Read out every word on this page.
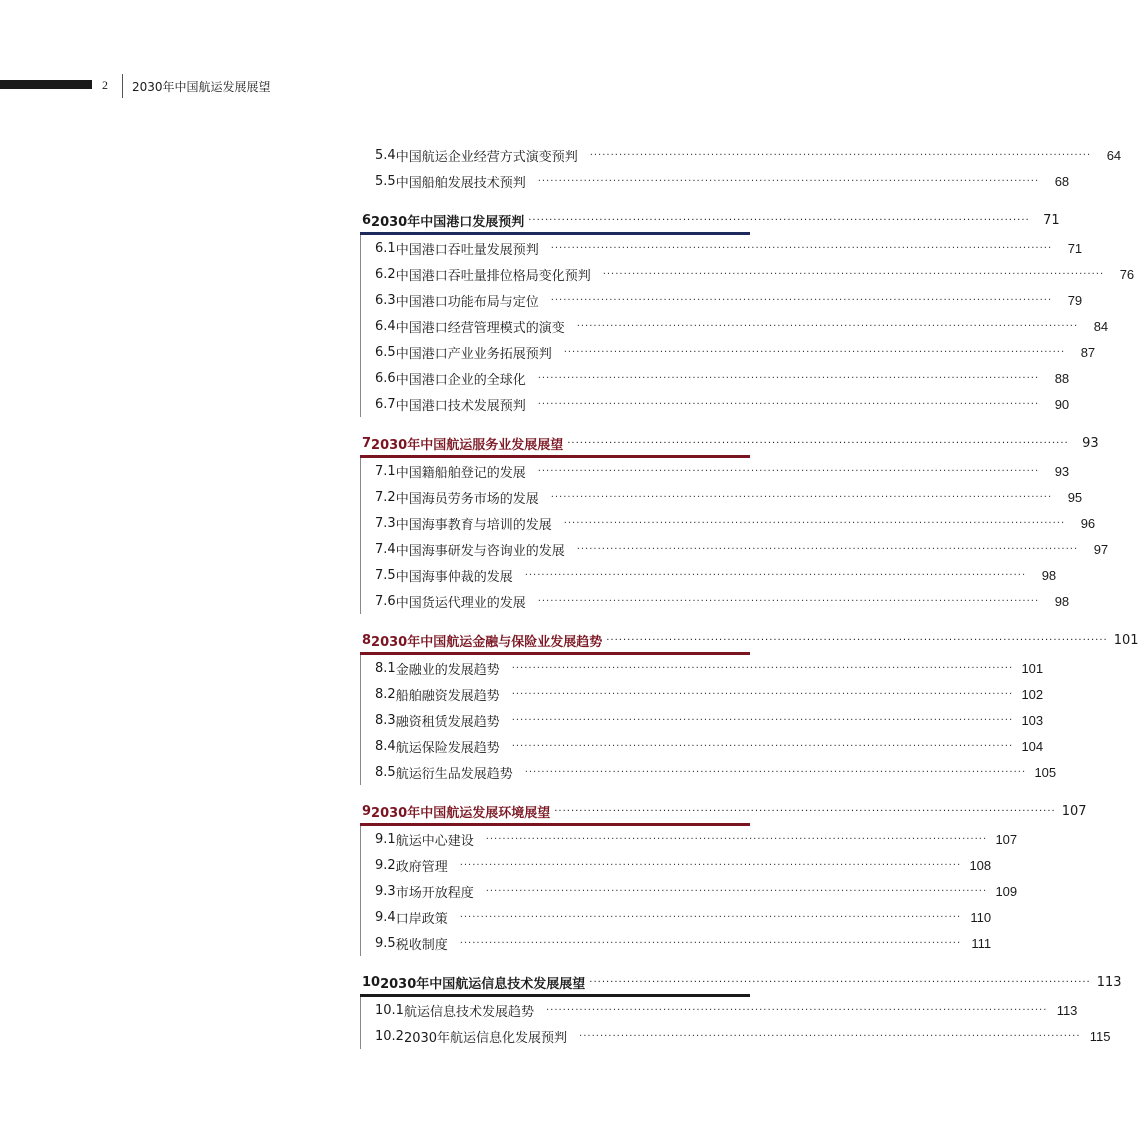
2 2030年中国航运发展展望
5.4 中国航运企业经营方式演变预判 ························································································································	64
5.5 中国船舶发展技术预判 ························································································································	68
6 2030年中国港口发展预判 ························································································································	71
6.1 中国港口吞吐量发展预判 ························································································································	71
6.2 中国港口吞吐量排位格局变化预判 ························································································································	76
6.3 中国港口功能布局与定位 ························································································································	79
6.4 中国港口经营管理模式的演变 ························································································································	84
6.5 中国港口产业业务拓展预判 ························································································································	87
6.6 中国港口企业的全球化 ························································································································	88
6.7 中国港口技术发展预判 ························································································································	90
7 2030年中国航运服务业发展展望 ························································································································	93
7.1 中国籍船舶登记的发展 ························································································································	93
7.2 中国海员劳务市场的发展 ························································································································	95
7.3 中国海事教育与培训的发展 ························································································································	96
7.4 中国海事研发与咨询业的发展 ························································································································	97
7.5 中国海事仲裁的发展 ························································································································	98
7.6 中国货运代理业的发展 ························································································································	98
8 2030年中国航运金融与保险业发展趋势 ························································································································ 101
8.1 金融业的发展趋势 ························································································································ 101
8.2 船舶融资发展趋势 ························································································································ 102
8.3 融资租赁发展趋势 ························································································································ 103
8.4 航运保险发展趋势 ························································································································ 104
8.5 航运衍生品发展趋势 ························································································································ 105
9 2030年中国航运发展环境展望 ························································································································ 107
9.1 航运中心建设 ························································································································ 107
9.2 政府管理 ························································································································ 108
9.3 市场开放程度 ························································································································ 109
9.4 口岸政策 ························································································································ 110
9.5 税收制度 ························································································································ 111
10 2030年中国航运信息技术发展展望 ························································································································ 113
10.1 航运信息技术发展趋势 ························································································································ 113
10.2 2030年航运信息化发展预判 ························································································································ 115
